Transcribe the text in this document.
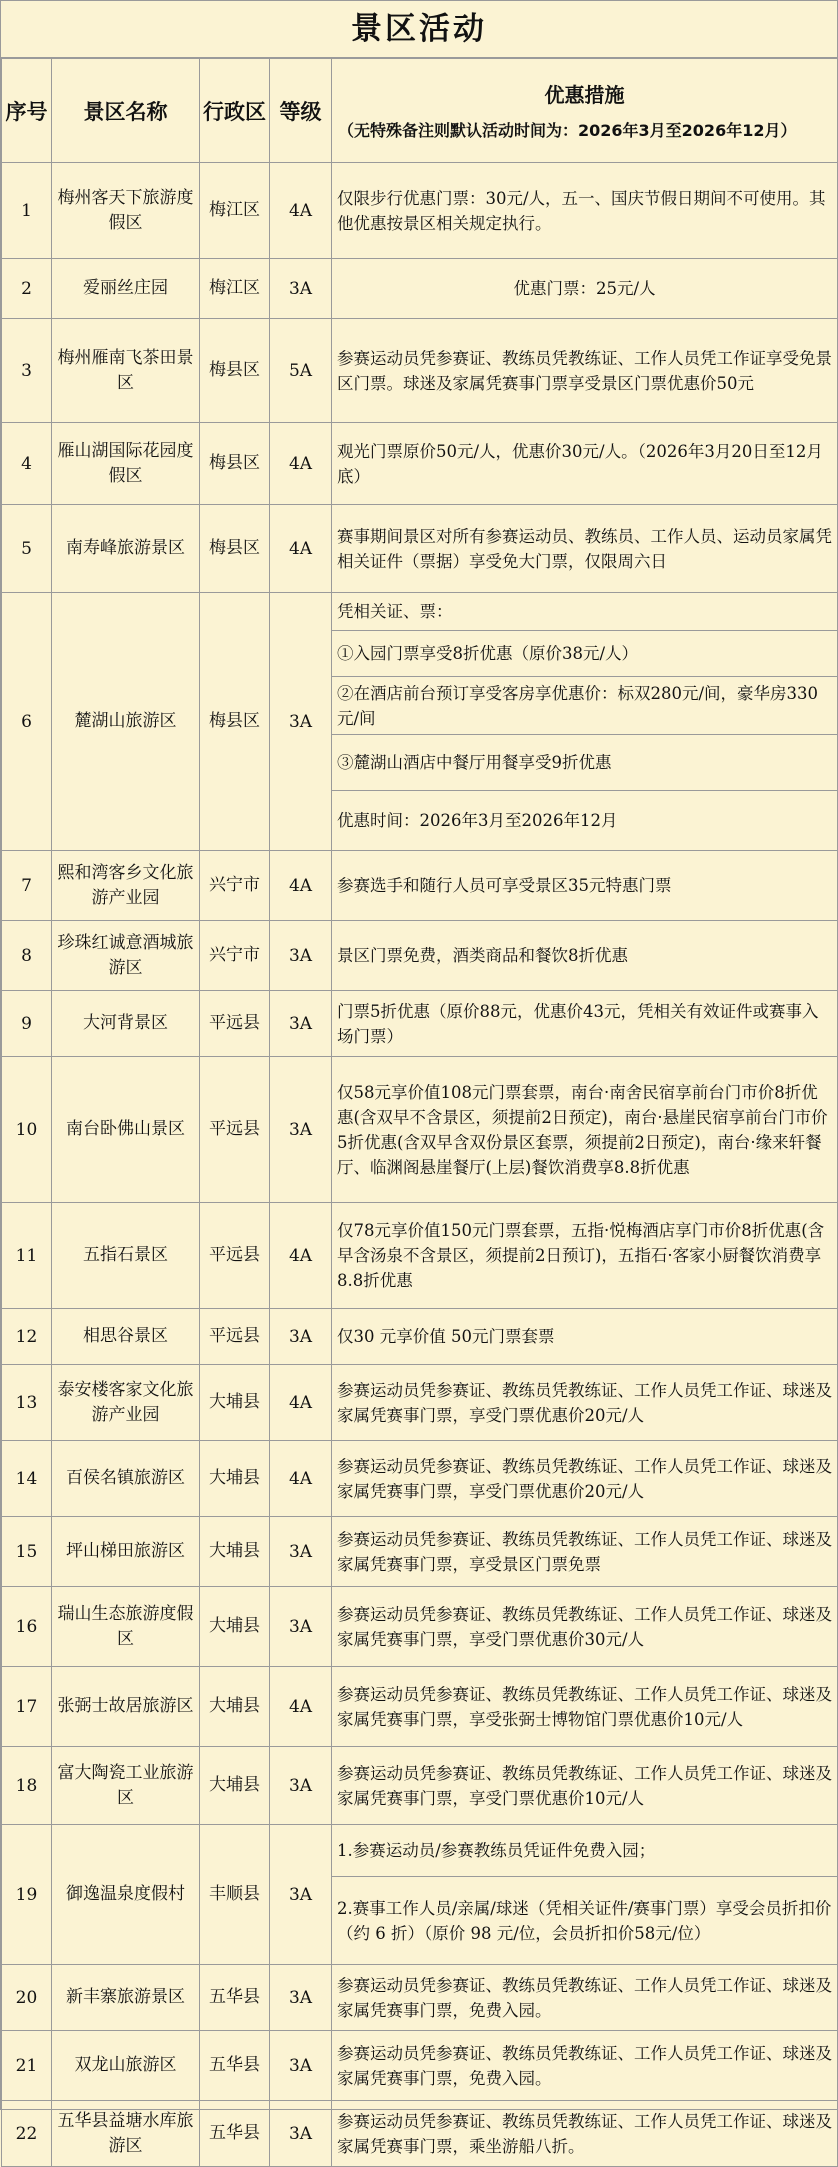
景区活动
序号	景区名称	行政区	等级	优惠措施
（无特殊备注则默认活动时间为：2026年3月至2026年12月）

1	梅州客天下旅游度假区	梅江区	4A	仅限步行优惠门票：30元/人，五一、国庆节假日期间不可使用。其他优惠按景区相关规定执行。
2	爱丽丝庄园	梅江区	3A	优惠门票：25元/人
3	梅州雁南飞茶田景区	梅县区	5A	参赛运动员凭参赛证、教练员凭教练证、工作人员凭工作证享受免景区门票。球迷及家属凭赛事门票享受景区门票优惠价50元
4	雁山湖国际花园度假区	梅县区	4A	观光门票原价50元/人，优惠价30元/人。（2026年3月20日至12月底）
5	南寿峰旅游景区	梅县区	4A	赛事期间景区对所有参赛运动员、教练员、工作人员、运动员家属凭相关证件（票据）享受免大门票，仅限周六日
6	麓湖山旅游区	梅县区	3A	凭相关证、票：
				①入园门票享受8折优惠（原价38元/人）
				②在酒店前台预订享受客房享优惠价：标双280元/间，豪华房330元/间
				③麓湖山酒店中餐厅用餐享受9折优惠
				优惠时间：2026年3月至2026年12月
7	熙和湾客乡文化旅游产业园	兴宁市	4A	参赛选手和随行人员可享受景区35元特惠门票
8	珍珠红诚意酒城旅游区	兴宁市	3A	景区门票免费，酒类商品和餐饮8折优惠
9	大河背景区	平远县	3A	门票5折优惠（原价88元，优惠价43元，凭相关有效证件或赛事入场门票）
10	南台卧佛山景区	平远县	3A	仅58元享价值108元门票套票，南台·南舍民宿享前台门市价8折优惠(含双早不含景区，须提前2日预定)，南台·悬崖民宿享前台门市价5折优惠(含双早含双份景区套票，须提前2日预定)，南台·缘来轩餐厅、临渊阁悬崖餐厅(上层)餐饮消费享8.8折优惠
11	五指石景区	平远县	4A	仅78元享价值150元门票套票，五指·悦梅酒店享门市价8折优惠(含早含汤泉不含景区，须提前2日预订)，五指石·客家小厨餐饮消费享8.8折优惠
12	相思谷景区	平远县	3A	仅30 元享价值 50元门票套票
13	泰安楼客家文化旅游产业园	大埔县	4A	参赛运动员凭参赛证、教练员凭教练证、工作人员凭工作证、球迷及家属凭赛事门票，享受门票优惠价20元/人
14	百侯名镇旅游区	大埔县	4A	参赛运动员凭参赛证、教练员凭教练证、工作人员凭工作证、球迷及家属凭赛事门票，享受门票优惠价20元/人
15	坪山梯田旅游区	大埔县	3A	参赛运动员凭参赛证、教练员凭教练证、工作人员凭工作证、球迷及家属凭赛事门票，享受景区门票免票
16	瑞山生态旅游度假区	大埔县	3A	参赛运动员凭参赛证、教练员凭教练证、工作人员凭工作证、球迷及家属凭赛事门票，享受门票优惠价30元/人
17	张弼士故居旅游区	大埔县	4A	参赛运动员凭参赛证、教练员凭教练证、工作人员凭工作证、球迷及家属凭赛事门票，享受张弼士博物馆门票优惠价10元/人
18	富大陶瓷工业旅游区	大埔县	3A	参赛运动员凭参赛证、教练员凭教练证、工作人员凭工作证、球迷及家属凭赛事门票，享受门票优惠价10元/人
19	御逸温泉度假村	丰顺县	3A	1.参赛运动员/参赛教练员凭证件免费入园；
				2.赛事工作人员/亲属/球迷（凭相关证件/赛事门票）享受会员折扣价（约 6 折）（原价 98 元/位，会员折扣价58元/位）
20	新丰寨旅游景区	五华县	3A	参赛运动员凭参赛证、教练员凭教练证、工作人员凭工作证、球迷及家属凭赛事门票，免费入园。
21	双龙山旅游区	五华县	3A	参赛运动员凭参赛证、教练员凭教练证、工作人员凭工作证、球迷及家属凭赛事门票，免费入园。
22	五华县益塘水库旅游区	五华县	3A	参赛运动员凭参赛证、教练员凭教练证、工作人员凭工作证、球迷及家属凭赛事门票，乘坐游船八折。
